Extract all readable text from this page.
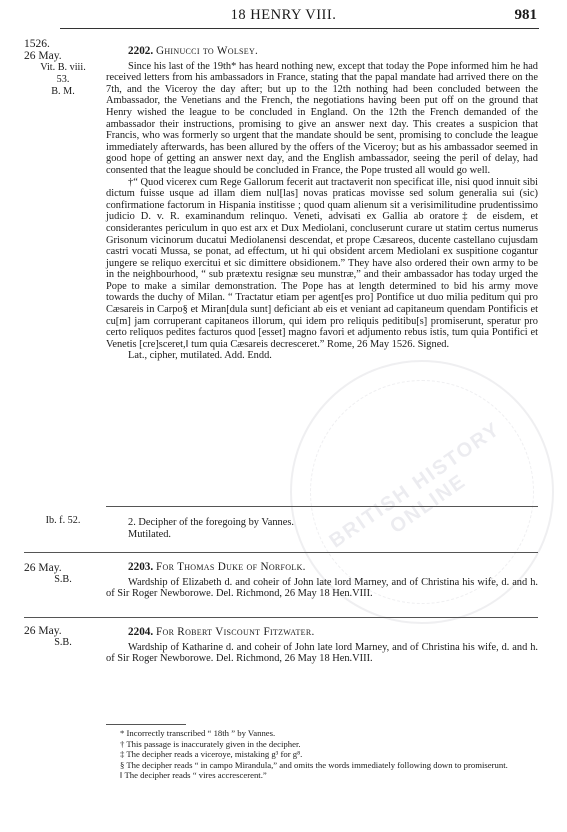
BRITISH HISTORY ONLINE
18 HENRY VIII.	981
1526.
26 May.
Vit. B. viii.
53.
B. M.
Ib. f. 52.
26 May.
S.B.
26 May.
S.B.

2202. Ghinucci to Wolsey.

Since his last of the 19th* has heard nothing new, except that today the Pope informed him he had received letters from his ambassadors in France, stating that the papal mandate had arrived there on the 7th, and the Viceroy the day after; but up to the 12th nothing had been concluded between the Ambassador, the Venetians and the French, the negotiations having been put off on the ground that Henry wished the league to be concluded in England. On the 12th the French demanded of the ambassador their instructions, promising to give an answer next day. This creates a suspicion that Francis, who was formerly so urgent that the mandate should be sent, promising to conclude the league immediately afterwards, has been allured by the offers of the Viceroy; but as his ambassador seemed in good hope of getting an answer next day, and the English ambassador, seeing the peril of delay, had consented that the league should be concluded in France, the Pope trusted all would go well.

†“ Quod vicerex cum Rege Gallorum fecerit aut tractaverit non specificat ille, nisi quod innuit sibi dictum fuisse usque ad illam diem nul[las] novas praticas movisse sed solum generalia sui (sic) confirmatione factorum in Hispania institisse ; quod quam alienum sit a verisimilitudine prudentissimo judicio D. v. R. examinandum relinquo. Veneti, advisati ex Gallia ab oratore‡ de eisdem, et considerantes periculum in quo est arx et Dux Mediolani, concluserunt curare ut statim certus numerus Grisonum vicinorum ducatui Mediolanensi descendat, et prope Cæsareos, ducente castellano cujusdam castri vocati Mussa, se ponat, ad effectum, ut hi qui obsident arcem Mediolani ex suspitione cogantur jungere se reliquo exercitui et sic dimittere obsidionem.” They have also ordered their own army to be in the neighbourhood, “ sub prætextu resignæ seu munstræ,” and their ambassador has today urged the Pope to make a similar demonstration. The Pope has at length determined to bid his army move towards the duchy of Milan. “ Tractatur etiam per agent[es pro] Pontifice ut duo milia peditum qui pro Cæsareis in Carpo§ et Miran[dula sunt] deficiant ab eis et veniant ad capitaneum quendam Pontificis et cu[m] jam corruperant capitaneos illorum, qui idem pro reliquis peditibu[s] promiserunt, speratur pro certo reliquos pedites facturos quod [esset] magno favori et adjumento rebus istis, tum quia Pontifici et Venetis [cre]sceret,‖ tum quia Cæsareis decresceret.” Rome, 26 May 1526. Signed.

Lat., cipher, mutilated. Add. Endd.

2. Decipher of the foregoing by Vannes.

Mutilated.

2203. For Thomas Duke of Norfolk.

Wardship of Elizabeth d. and coheir of John late lord Marney, and of Christina his wife, d. and h. of Sir Roger Newborowe. Del. Richmond, 26 May 18 Hen.VIII.

2204. For Robert Viscount Fitzwater.

Wardship of Katharine d. and coheir of John late lord Marney, and of Christina his wife, d. and h. of Sir Roger Newborowe. Del. Richmond, 26 May 18 Hen.VIII.

* Incorrectly transcribed “ 18th ” by Vannes.

† This passage is inaccurately given in the decipher.

‡ The decipher reads a viceroye, mistaking g³ for g⁸.

§ The decipher reads “ in campo Mirandula,” and omits the words immediately following down to promiserunt.

‖ The decipher reads “ vires accrescerent.”
